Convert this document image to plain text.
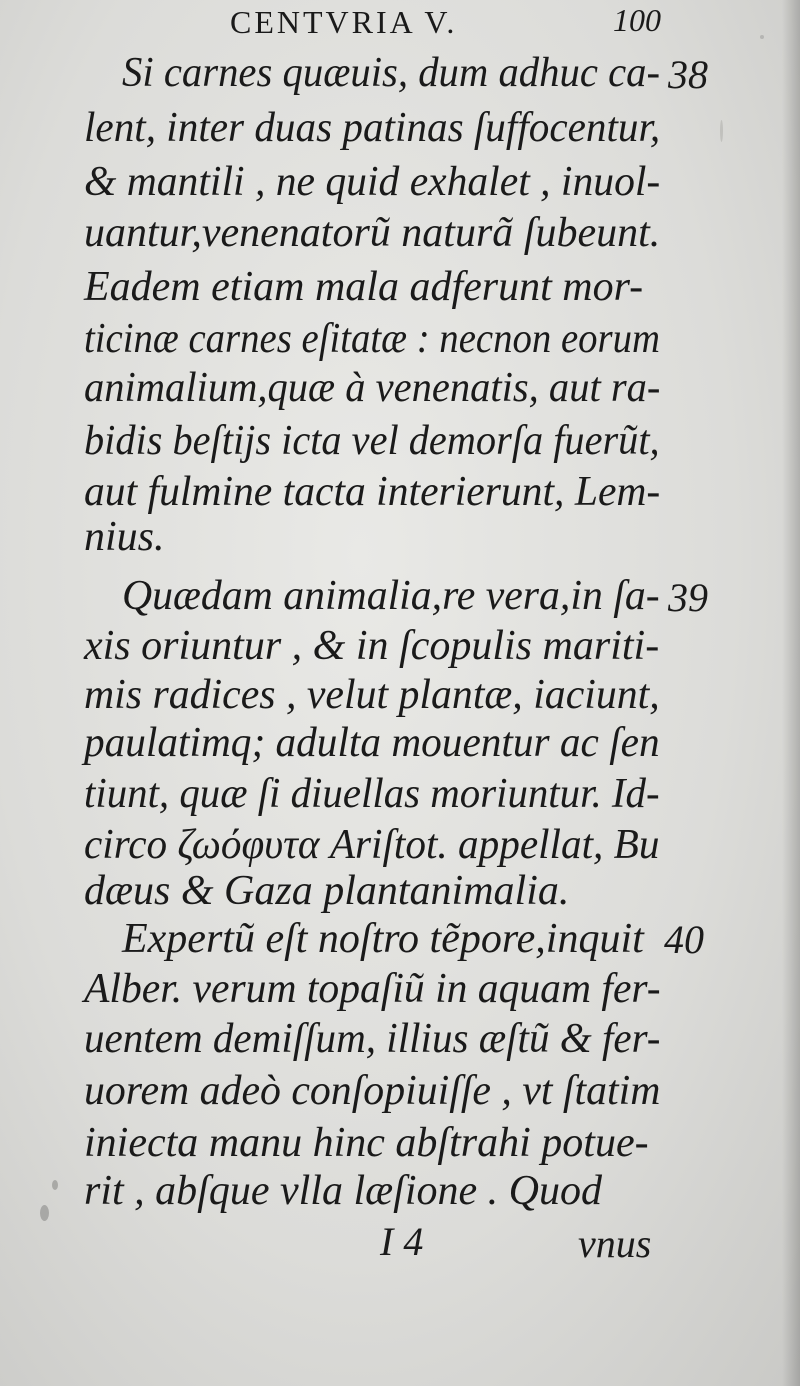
CENTVRIA V.	100
38
Si carnes quæuis, dum adhuc ca-
lent, inter duas patinas ſuffocentur,
& mantili , ne quid exhalet , inuol-
uantur,venenatorũ naturã ſubeunt.
Eadem etiam mala adferunt mor-
ticinæ carnes eſitatæ : necnon eorum
animalium,quæ à venenatis, aut ra-
bidis beſtijs icta vel demorſa fuerũt,
aut fulmine tacta interierunt, Lem-
nius.
39
Quædam animalia,re vera,in ſa-
xis oriuntur , & in ſcopulis mariti-
mis radices , velut plantæ, iaciunt,
paulatimq; adulta mouentur ac ſen
tiunt, quæ ſi diuellas moriuntur. Id-
circo ζωόφυτα Ariſtot. appellat, Bu
dæus & Gaza plantanimalia.
40
Expertũ eſt noſtro tẽpore,inquit
Alber. verum topaſiũ in aquam fer-
uentem demiſſum, illius æſtũ & fer-
uorem adeò conſopiuiſſe , vt ſtatim
iniecta manu hinc abſtrahi potue-
rit , abſque vlla læſione . Quod
I 4	vnus
